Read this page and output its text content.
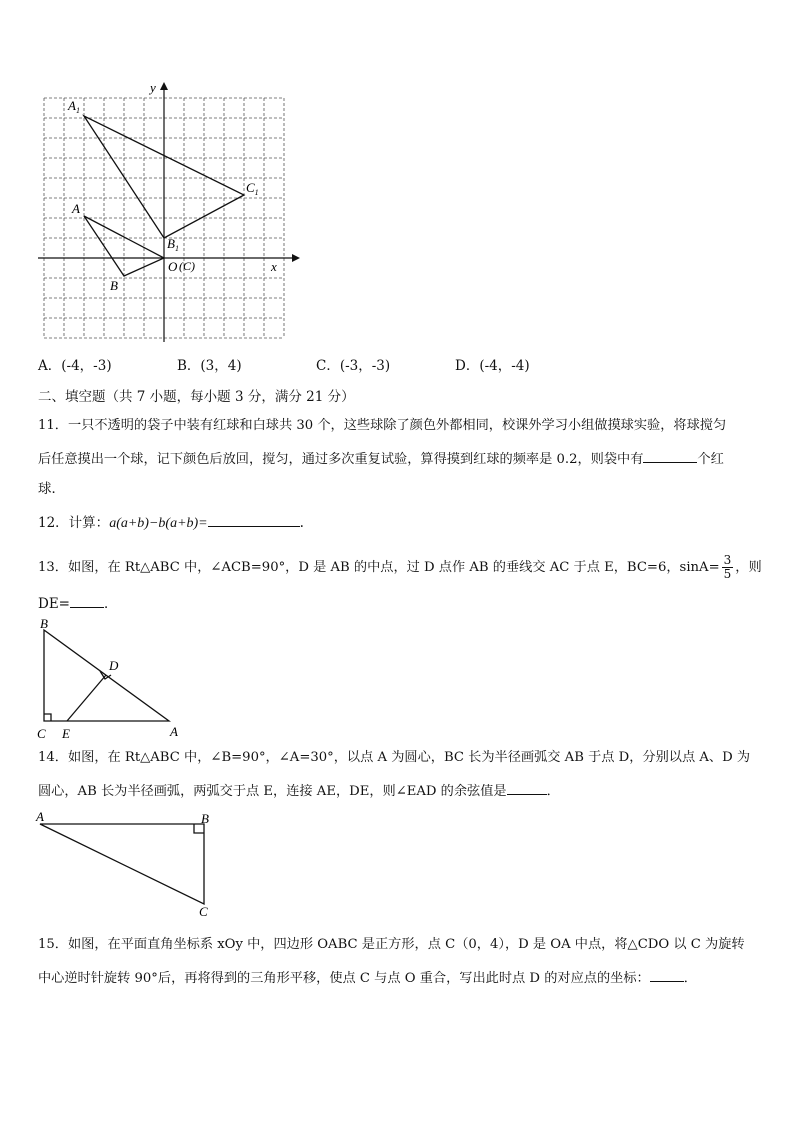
y
x
$A_1$
$C_1$
A
$B_1$
O (C)
B
A．(-4，-3)	B．(3，4)	C．(-3，-3)	D．(-4，-4)
二、填空题（共 7 小题，每小题 3 分，满分 21 分）
11．一只不透明的袋子中装有红球和白球共 30 个，这些球除了颜色外都相同，校课外学习小组做摸球实验，将球搅匀
后任意摸出一个球，记下颜色后放回，搅匀，通过多次重复试验，算得摸到红球的频率是 0.2，则袋中有	个红
球．
12．计算：a(a+b)−b(a+b)=	.
13．如图，在 Rt△ABC 中，∠ACB=90°，D 是 AB 的中点，过 D 点作 AB 的垂线交 AC 于点 E，BC=6，$\sin A= \frac{3}{5}$ ，则
DE=	．
B
D
C E	A
14．如图，在 Rt△ABC 中，∠B=90°，∠A=30°，以点 A 为圆心，BC 长为半径画弧交 AB 于点 D，分别以点 A、D 为
圆心，AB 长为半径画弧，两弧交于点 E，连接 AE，DE，则∠EAD 的余弦值是	．
A	B
C
15．如图，在平面直角坐标系 xOy 中，四边形 OABC 是正方形，点 C（0，4），D 是 OA 中点，将△CDO 以 C 为旋转
中心逆时针旋转 90°后，再将得到的三角形平移，使点 C 与点 O 重合，写出此时点 D 的对应点的坐标：	．
